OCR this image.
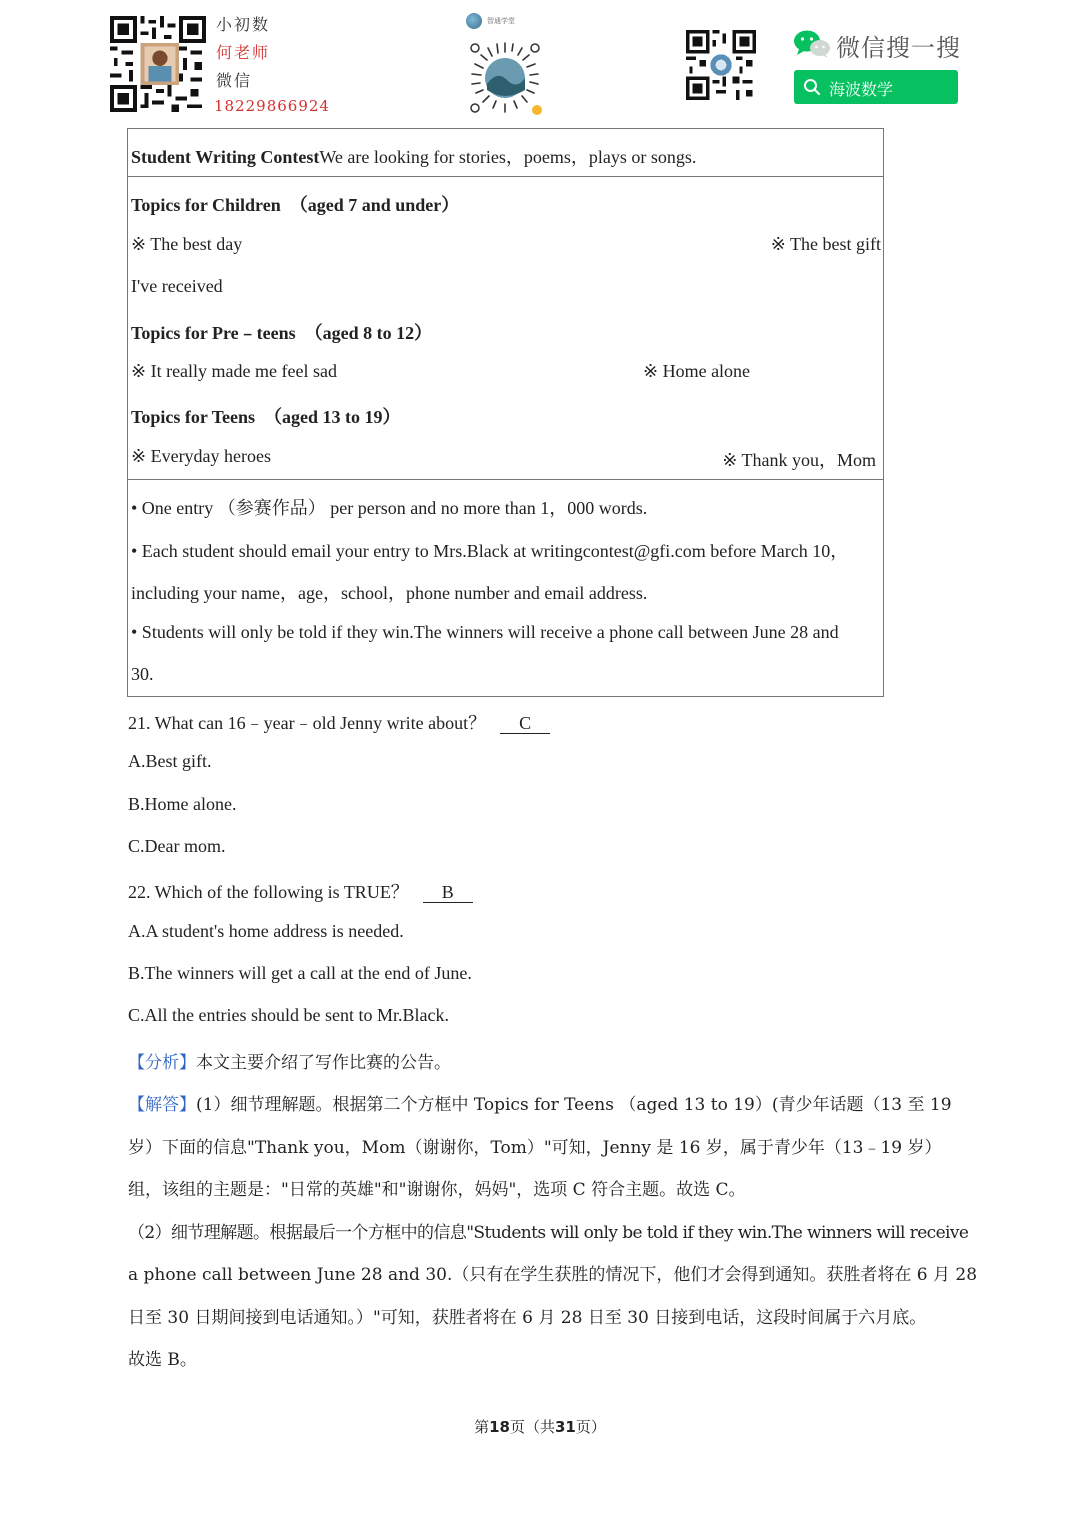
小初数
何老师
微信
18229866924
智通学堂
微信搜一搜
海波数学
Student Writing ContestWe are looking for stories，poems，plays or songs.
Topics for Children　（aged 7 and under）
※ The best day	※ The best gift
I've received
Topics for Pre﹣teens　（aged 8 to 12）
※ It really made me feel sad	※ Home alone
Topics for Teens　（aged 13 to 19）
※ Everyday heroes	※ Thank you，Mom
• One entry （参赛作品） per person and no more than 1，000 words.
• Each student should email your entry to Mrs.Black at writingcontest@gfi.com before March 10，
including your name，age，school，phone number and email address.
• Students will only be told if they win.The winners will receive a phone call between June 28 and
30.
21. What can 16﹣year﹣old Jenny write about？ C
A.Best gift.
B.Home alone.
C.Dear mom.
22. Which of the following is TRUE？ B
A.A student's home address is needed.
B.The winners will get a call at the end of June.
C.All the entries should be sent to Mr.Black.
【分析】本文主要介绍了写作比赛的公告。
【解答】(1）细节理解题。根据第二个方框中 Topics for Teens （aged 13 to 19）(青少年话题（13 至 19
岁）下面的信息"Thank you，Mom（谢谢你，Tom）"可知，Jenny 是 16 岁，属于青少年（13﹣19 岁）
组，该组的主题是："日常的英雄"和"谢谢你，妈妈"，选项 C 符合主题。故选 C。
（2）细节理解题。根据最后一个方框中的信息"Students will only be told if they win.The winners will receive
a phone call between June 28 and 30.（只有在学生获胜的情况下，他们才会得到通知。获胜者将在 6 月 28
日至 30 日期间接到电话通知。）"可知，获胜者将在 6 月 28 日至 30 日接到电话，这段时间属于六月底。
故选 B。
第18页（共31页）
